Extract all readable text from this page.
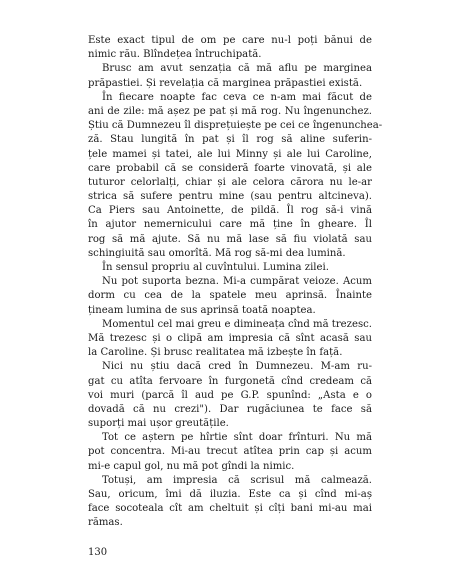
Este exact tipul de om pe care nu-l poți bănui de
nimic rău. Blîndețea întruchipată.
Brusc am avut senzația că mă aflu pe marginea
prăpastiei. Și revelația că marginea prăpastiei există.
În fiecare noapte fac ceva ce n-am mai făcut de
ani de zile: mă așez pe pat și mă rog. Nu îngenunchez.
Știu că Dumnezeu îl disprețuiește pe cei ce îngenunchea-
ză. Stau lungită în pat și îl rog să aline suferin-
țele mamei și tatei, ale lui Minny și ale lui Caroline,
care probabil că se consideră foarte vinovată, și ale
tuturor celorlalți, chiar și ale celora cărora nu le-ar
strica să sufere pentru mine (sau pentru altcineva).
Ca Piers sau Antoinette, de pildă. Îl rog să-i vină
în ajutor nemernicului care mă ține în gheare. Îl
rog să mă ajute. Să nu mă lase să fiu violată sau
schingiuită sau omorîtă. Mă rog să-mi dea lumină.
În sensul propriu al cuvîntului. Lumina zilei.
Nu pot suporta bezna. Mi-a cumpărat veioze. Acum
dorm cu cea de la spatele meu aprinsă. Înainte
țineam lumina de sus aprinsă toată noaptea.
Momentul cel mai greu e dimineața cînd mă trezesc.
Mă trezesc și o clipă am impresia că sînt acasă sau
la Caroline. Și brusc realitatea mă izbește în față.
Nici nu știu dacă cred în Dumnezeu. M-am ru-
gat cu atîta fervoare în furgonetă cînd credeam că
voi muri (parcă îl aud pe G.P. spunînd: „Asta e o
dovadă că nu crezi"). Dar rugăciunea te face să
suporți mai ușor greutățile.
Tot ce aștern pe hîrtie sînt doar frînturi. Nu mă
pot concentra. Mi-au trecut atîtea prin cap și acum
mi-e capul gol, nu mă pot gîndi la nimic.
Totuși, am impresia că scrisul mă calmează.
Sau, oricum, îmi dă iluzia. Este ca și cînd mi-aș
face socoteala cît am cheltuit și cîți bani mi-au mai
rămas.
130
